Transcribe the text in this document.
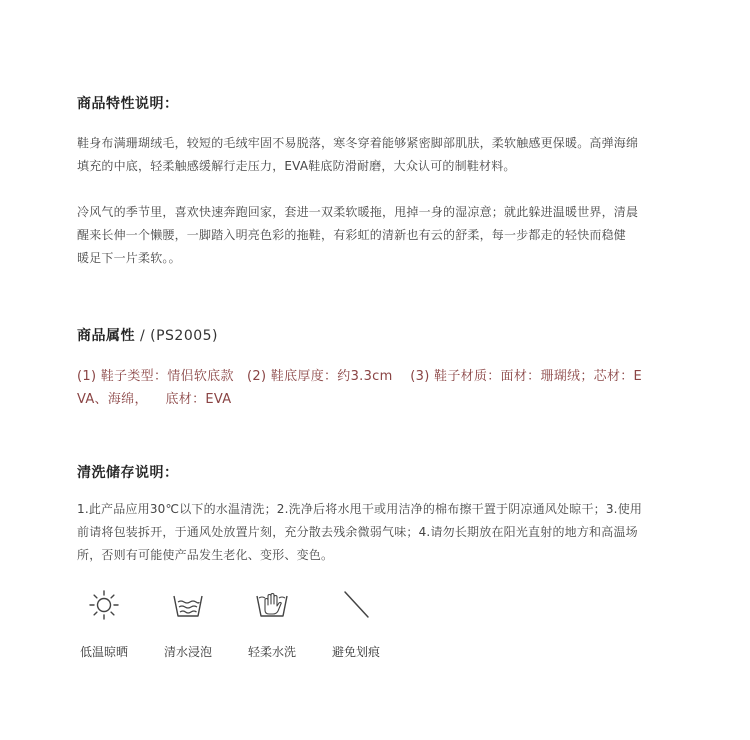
商品特性说明：
鞋身布满珊瑚绒毛，较短的毛绒牢固不易脱落，寒冬穿着能够紧密脚部肌肤，柔软触感更保暖。高弹海绵
填充的中底，轻柔触感缓解行走压力，EVA鞋底防滑耐磨，大众认可的制鞋材料。
冷风气的季节里，喜欢快速奔跑回家，套进一双柔软暖拖，甩掉一身的湿凉意；就此躲进温暖世界，清晨
醒来长伸一个懒腰，一脚踏入明亮色彩的拖鞋，有彩虹的清新也有云的舒柔，每一步都走的轻快而稳健
暖足下一片柔软。。
商品属性 / (PS2005)
(1) 鞋子类型：情侣软底款   (2) 鞋底厚度：约3.3cm    (3) 鞋子材质：面材：珊瑚绒；芯材：E
VA、海绵，    底材：EVA
清洗储存说明：
1.此产品应用30℃以下的水温清洗；2.洗净后将水甩干或用洁净的棉布擦干置于阴凉通风处晾干；3.使用
前请将包装拆开，于通风处放置片刻，充分散去残余微弱气味；4.请勿长期放在阳光直射的地方和高温场
所，否则有可能使产品发生老化、变形、变色。
低温晾晒	清水浸泡	轻柔水洗	避免划痕
